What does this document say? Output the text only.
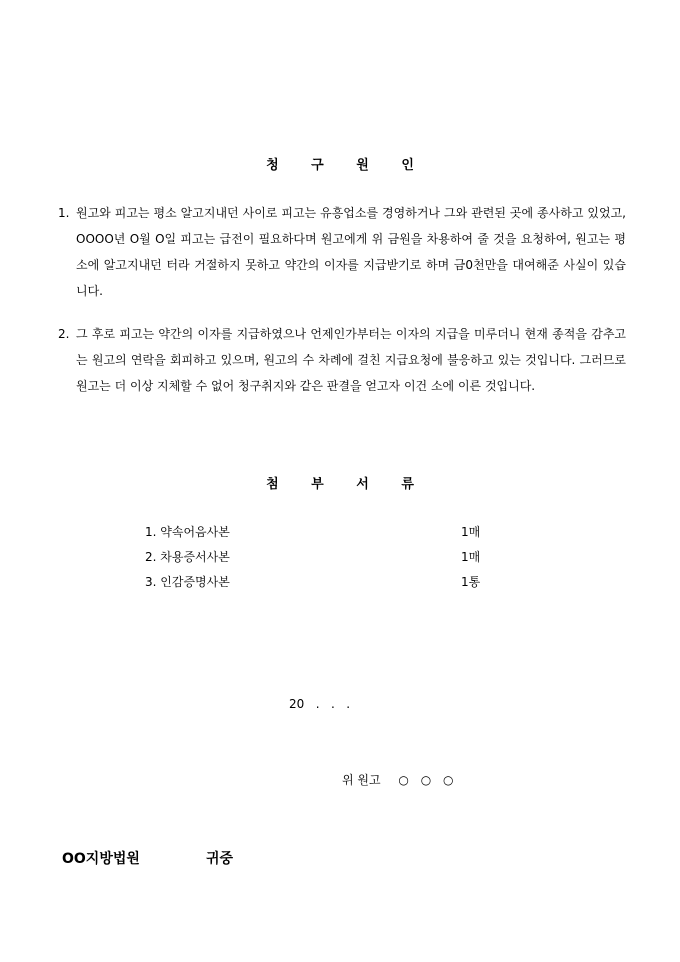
청	구	원	인
1. 원고와 피고는 평소 알고지내던 사이로 피고는 유흥업소를 경영하거나 그와 관련된 곳에 종사하고 있었고, OOOO년 O월 O일 피고는 급전이 필요하다며 원고에게 위 금원을 차용하여 줄 것을 요청하여, 원고는 평소에 알고지내던 터라 거절하지 못하고 약간의 이자를 지급받기로 하며 금0천만을 대여해준 사실이 있습니다.
2. 그 후로 피고는 약간의 이자를 지급하였으나 언제인가부터는 이자의 지급을 미루더니 현재 종적을 감추고는 원고의 연락을 회피하고 있으며, 원고의 수 차례에 걸친 지급요청에 불응하고 있는 것입니다. 그러므로 원고는 더 이상 지체할 수 없어 청구취지와 같은 판결을 얻고자 이건 소에 이른 것입니다.
첨	부	서	류
1. 약속어음사본	1매
2. 차용증서사본	1매
3. 인감증명사본	1통
20   .   .   .
위 원고 ○ ○ ○
OO지방법원	귀중
